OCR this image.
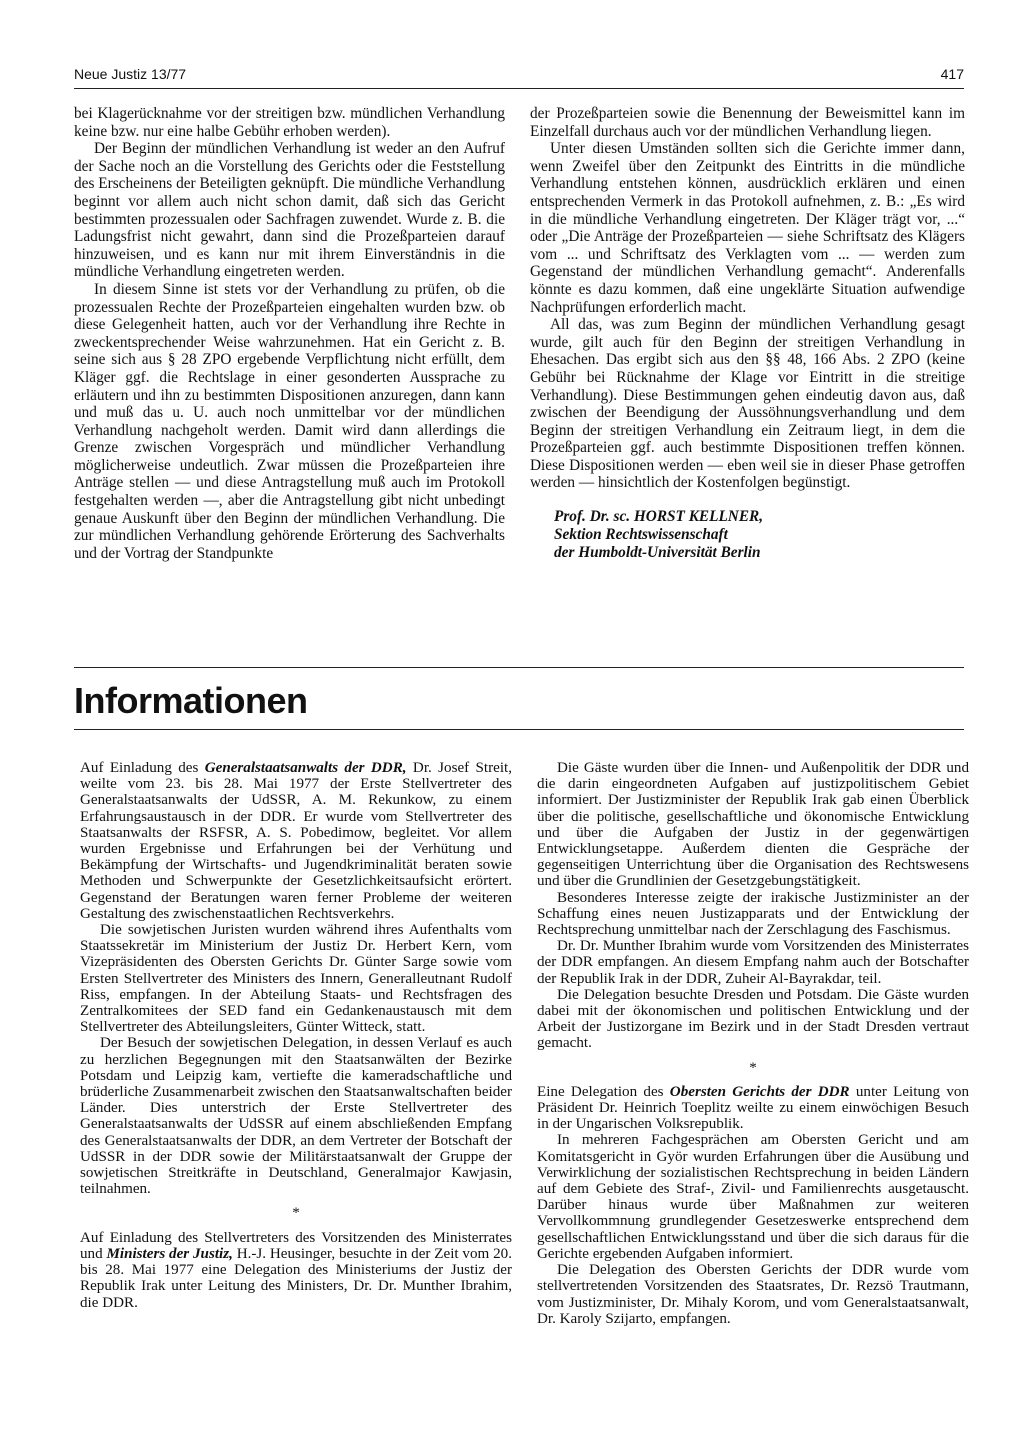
Neue Justiz 13/77	417

bei Klagerücknahme vor der streitigen bzw. mündlichen Verhandlung keine bzw. nur eine halbe Gebühr erhoben werden).

Der Beginn der mündlichen Verhandlung ist weder an den Aufruf der Sache noch an die Vorstellung des Gerichts oder die Feststellung des Erscheinens der Beteiligten geknüpft. Die mündliche Verhandlung beginnt vor allem auch nicht schon damit, daß sich das Gericht bestimmten prozessualen oder Sachfragen zuwendet. Wurde z. B. die Ladungsfrist nicht gewahrt, dann sind die Prozeßparteien darauf hinzuweisen, und es kann nur mit ihrem Einverständnis in die mündliche Verhandlung eingetreten werden.

In diesem Sinne ist stets vor der Verhandlung zu prüfen, ob die prozessualen Rechte der Prozeßparteien eingehalten wurden bzw. ob diese Gelegenheit hatten, auch vor der Verhandlung ihre Rechte in zweckentsprechender Weise wahrzunehmen. Hat ein Gericht z. B. seine sich aus § 28 ZPO ergebende Verpflichtung nicht erfüllt, dem Kläger ggf. die Rechtslage in einer gesonderten Aussprache zu erläutern und ihn zu bestimmten Dispositionen anzuregen, dann kann und muß das u. U. auch noch unmittelbar vor der mündlichen Verhandlung nachgeholt werden. Damit wird dann allerdings die Grenze zwischen Vorgespräch und mündlicher Verhandlung möglicherweise undeutlich. Zwar müssen die Prozeßparteien ihre Anträge stellen — und diese Antragstellung muß auch im Protokoll festgehalten werden —, aber die Antragstellung gibt nicht unbedingt genaue Auskunft über den Beginn der mündlichen Verhandlung. Die zur mündlichen Verhandlung gehörende Erörterung des Sachverhalts und der Vortrag der Standpunkte

der Prozeßparteien sowie die Benennung der Beweismittel kann im Einzelfall durchaus auch vor der mündlichen Verhandlung liegen.

Unter diesen Umständen sollten sich die Gerichte immer dann, wenn Zweifel über den Zeitpunkt des Eintritts in die mündliche Verhandlung entstehen können, ausdrücklich erklären und einen entsprechenden Vermerk in das Protokoll aufnehmen, z. B.: „Es wird in die mündliche Verhandlung eingetreten. Der Kläger trägt vor, ...“ oder „Die Anträge der Prozeßparteien — siehe Schriftsatz des Klägers vom ... und Schriftsatz des Verklagten vom ... — werden zum Gegenstand der mündlichen Verhandlung gemacht“. Anderenfalls könnte es dazu kommen, daß eine ungeklärte Situation aufwendige Nachprüfungen erforderlich macht.

All das, was zum Beginn der mündlichen Verhandlung gesagt wurde, gilt auch für den Beginn der streitigen Verhandlung in Ehesachen. Das ergibt sich aus den §§ 48, 166 Abs. 2 ZPO (keine Gebühr bei Rücknahme der Klage vor Eintritt in die streitige Verhandlung). Diese Bestimmungen gehen eindeutig davon aus, daß zwischen der Beendigung der Aussöhnungsverhandlung und dem Beginn der streitigen Verhandlung ein Zeitraum liegt, in dem die Prozeßparteien ggf. auch bestimmte Dispositionen treffen können. Diese Dispositionen werden — eben weil sie in dieser Phase getroffen werden — hinsichtlich der Kostenfolgen begünstigt.

Prof. Dr. sc. HORST KELLNER,
Sektion Rechtswissenschaft
der Humboldt-Universität Berlin

Informationen

Auf Einladung des Generalstaatsanwalts der DDR, Dr. Josef Streit, weilte vom 23. bis 28. Mai 1977 der Erste Stellvertreter des Generalstaatsanwalts der UdSSR, A. M. Rekunkow, zu einem Erfahrungsaustausch in der DDR. Er wurde vom Stellvertreter des Staatsanwalts der RSFSR, A. S. Pobedimow, begleitet. Vor allem wurden Ergebnisse und Erfahrungen bei der Verhütung und Bekämpfung der Wirtschafts- und Jugendkriminalität beraten sowie Methoden und Schwerpunkte der Gesetzlichkeitsaufsicht erörtert. Gegenstand der Beratungen waren ferner Probleme der weiteren Gestaltung des zwischenstaatlichen Rechtsverkehrs.

Die sowjetischen Juristen wurden während ihres Aufenthalts vom Staatssekretär im Ministerium der Justiz Dr. Herbert Kern, vom Vizepräsidenten des Obersten Gerichts Dr. Günter Sarge sowie vom Ersten Stellvertreter des Ministers des Innern, Generalleutnant Rudolf Riss, empfangen. In der Abteilung Staats- und Rechtsfragen des Zentralkomitees der SED fand ein Gedankenaustausch mit dem Stellvertreter des Abteilungsleiters, Günter Witteck, statt.

Der Besuch der sowjetischen Delegation, in dessen Verlauf es auch zu herzlichen Begegnungen mit den Staatsanwälten der Bezirke Potsdam und Leipzig kam, vertiefte die kameradschaftliche und brüderliche Zusammenarbeit zwischen den Staatsanwaltschaften beider Länder. Dies unterstrich der Erste Stellvertreter des Generalstaatsanwalts der UdSSR auf einem abschließenden Empfang des Generalstaatsanwalts der DDR, an dem Vertreter der Botschaft der UdSSR in der DDR sowie der Militärstaatsanwalt der Gruppe der sowjetischen Streitkräfte in Deutschland, Generalmajor Kawjasin, teilnahmen.

*

Auf Einladung des Stellvertreters des Vorsitzenden des Ministerrates und Ministers der Justiz, H.-J. Heusinger, besuchte in der Zeit vom 20. bis 28. Mai 1977 eine Delegation des Ministeriums der Justiz der Republik Irak unter Leitung des Ministers, Dr. Dr. Munther Ibrahim, die DDR.

Die Gäste wurden über die Innen- und Außenpolitik der DDR und die darin eingeordneten Aufgaben auf justizpolitischem Gebiet informiert. Der Justizminister der Republik Irak gab einen Überblick über die politische, gesellschaftliche und ökonomische Entwicklung und über die Aufgaben der Justiz in der gegenwärtigen Entwicklungsetappe. Außerdem dienten die Gespräche der gegenseitigen Unterrichtung über die Organisation des Rechtswesens und über die Grundlinien der Gesetzgebungstätigkeit.

Besonderes Interesse zeigte der irakische Justizminister an der Schaffung eines neuen Justizapparats und der Entwicklung der Rechtsprechung unmittelbar nach der Zerschlagung des Faschismus.

Dr. Dr. Munther Ibrahim wurde vom Vorsitzenden des Ministerrates der DDR empfangen. An diesem Empfang nahm auch der Botschafter der Republik Irak in der DDR, Zuheir Al-Bayrakdar, teil.

Die Delegation besuchte Dresden und Potsdam. Die Gäste wurden dabei mit der ökonomischen und politischen Entwicklung und der Arbeit der Justizorgane im Bezirk und in der Stadt Dresden vertraut gemacht.

*

Eine Delegation des Obersten Gerichts der DDR unter Leitung von Präsident Dr. Heinrich Toeplitz weilte zu einem einwöchigen Besuch in der Ungarischen Volksrepublik.

In mehreren Fachgesprächen am Obersten Gericht und am Komitatsgericht in Györ wurden Erfahrungen über die Ausübung und Verwirklichung der sozialistischen Rechtsprechung in beiden Ländern auf dem Gebiete des Straf-, Zivil- und Familienrechts ausgetauscht. Darüber hinaus wurde über Maßnahmen zur weiteren Vervollkommnung grundlegender Gesetzeswerke entsprechend dem gesellschaftlichen Entwicklungsstand und über die sich daraus für die Gerichte ergebenden Aufgaben informiert.

Die Delegation des Obersten Gerichts der DDR wurde vom stellvertretenden Vorsitzenden des Staatsrates, Dr. Rezsö Trautmann, vom Justizminister, Dr. Mihaly Korom, und vom Generalstaatsanwalt, Dr. Karoly Szijarto, empfangen.
